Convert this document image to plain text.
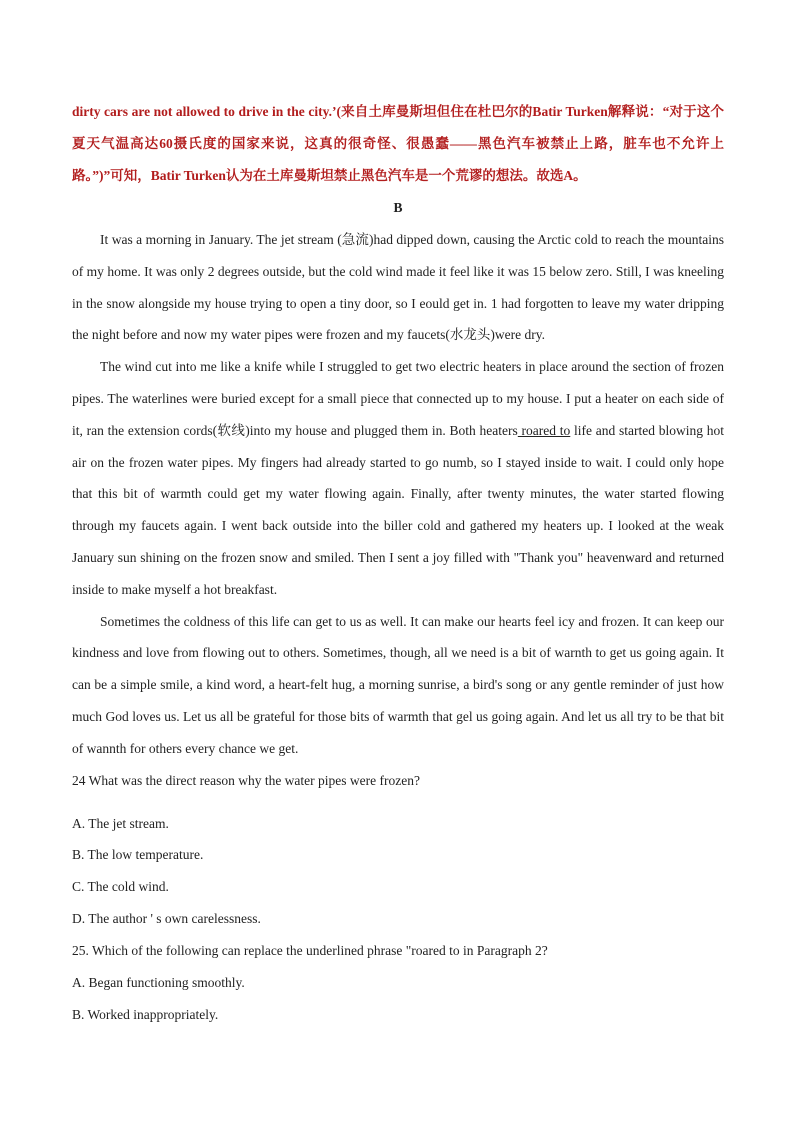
dirty cars are not allowed to drive in the city.’(来自土库曼斯坦但住在杜巴尔的Batir Turken解释说：“对于这个夏天气温高达60摄氏度的国家来说，这真的很奇怪、很愚蠢——黑色汽车被禁止上路，脏车也不允许上路。”)”可知，Batir Turken认为在土库曼斯坦禁止黑色汽车是一个荒谬的想法。故选A。

B

It was a morning in January. The jet stream (急流)had dipped down, causing the Arctic cold to reach the mountains of my home. It was only 2 degrees outside, but the cold wind made it feel like it was 15 below zero. Still, I was kneeling in the snow alongside my house trying to open a tiny door, so I eould get in. 1 had forgotten to leave my water dripping the night before and now my water pipes were frozen and my faucets(水龙头)were dry.

The wind cut into me like a knife while I struggled to get two electric heaters in place around the section of frozen pipes. The waterlines were buried except for a small piece that connected up to my house. I put a heater on each side of it, ran the extension cords(软线)into my house and plugged them in. Both heaters roared to life and started blowing hot air on the frozen water pipes. My fingers had already started to go numb, so I stayed inside to wait. I could only hope that this bit of warmth could get my water flowing again. Finally, after twenty minutes, the water started flowing through my faucets again. I went back outside into the biller cold and gathered my heaters up. I looked at the weak January sun shining on the frozen snow and smiled. Then I sent a joy filled with "Thank you" heavenward and returned inside to make myself a hot breakfast.

Sometimes the coldness of this life can get to us as well. It can make our hearts feel icy and frozen. It can keep our kindness and love from flowing out to others. Sometimes, though, all we need is a bit of warnth to get us going again. It can be a simple smile, a kind word, a heart-felt hug, a morning sunrise, a bird's song or any gentle reminder of just how much God loves us. Let us all be grateful for those bits of warmth that gel us going again. And let us all try to be that bit of wannth for others every chance we get.

24 What was the direct reason why the water pipes were frozen?

A. The jet stream.

B. The low temperature.

C. The cold wind.

D. The author ' s own carelessness.

25. Which of the following can replace the underlined phrase "roared to in Paragraph 2?

A. Began functioning smoothly.

B. Worked inappropriately.
